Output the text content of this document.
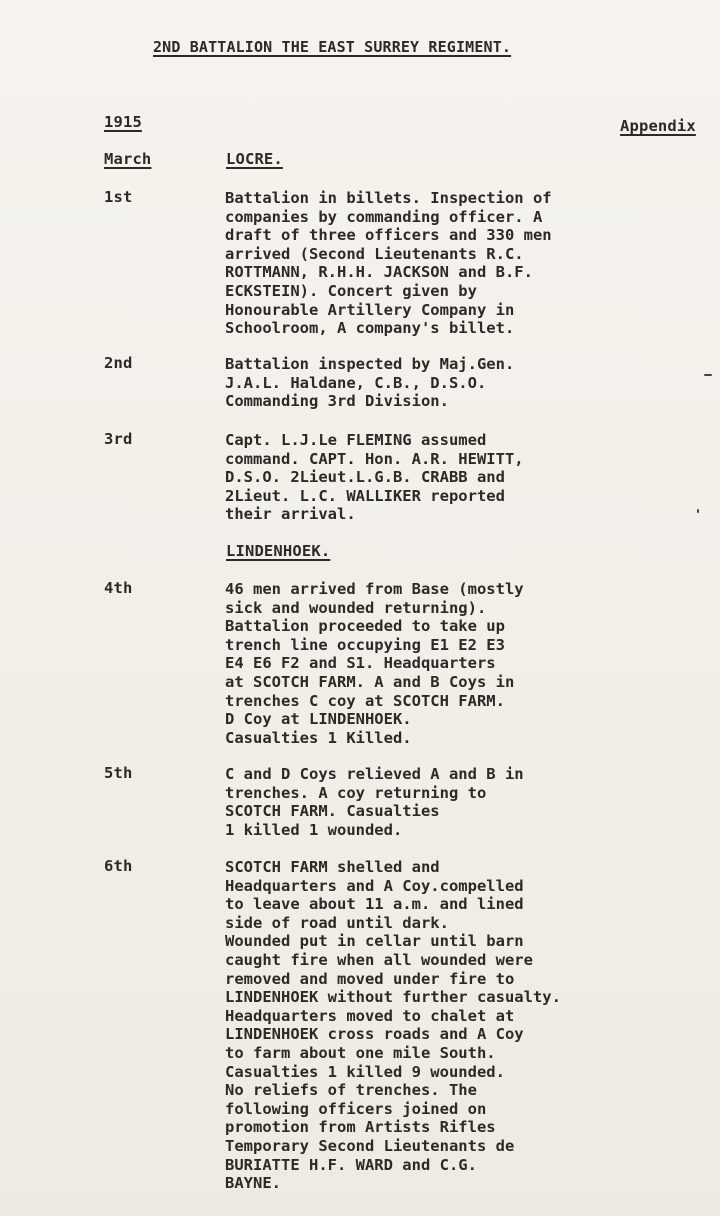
2ND BATTALION THE EAST SURREY REGIMENT.
1915	Appendix
March	LOCRE.
1st	Battalion in billets. Inspection of

companies by commanding officer. A

draft of three officers and 330 men

arrived (Second Lieutenants R.C.

ROTTMANN, R.H.H. JACKSON and B.F.

ECKSTEIN). Concert given by

Honourable Artillery Company in

Schoolroom, A company's billet.

2nd	Battalion inspected by Maj.Gen.

J.A.L. Haldane, C.B., D.S.O.

Commanding 3rd Division.

3rd	Capt. L.J.Le FLEMING assumed

command. CAPT. Hon. A.R. HEWITT,

D.S.O. 2Lieut.L.G.B. CRABB and

2Lieut. L.C. WALLIKER reported

their arrival.

LINDENHOEK.
4th	46 men arrived from Base (mostly

sick and wounded returning).

Battalion proceeded to take up

trench line occupying E1 E2 E3

E4 E6 F2 and S1. Headquarters

at SCOTCH FARM. A and B Coys in

trenches C coy at SCOTCH FARM.

D Coy at LINDENHOEK.

Casualties 1 Killed.

5th	C and D Coys relieved A and B in

trenches. A coy returning to

SCOTCH FARM. Casualties

1 killed 1 wounded.

6th	SCOTCH FARM shelled and

Headquarters and A Coy.compelled

to leave about 11 a.m. and lined

side of road until dark.

Wounded put in cellar until barn

caught fire when all wounded were

removed and moved under fire to

LINDENHOEK without further casualty.

Headquarters moved to chalet at

LINDENHOEK cross roads and A Coy

to farm about one mile South.

Casualties 1 killed 9 wounded.

No reliefs of trenches. The

following officers joined on

promotion from Artists Rifles

Temporary Second Lieutenants de

BURIATTE H.F. WARD and C.G.

BAYNE.
